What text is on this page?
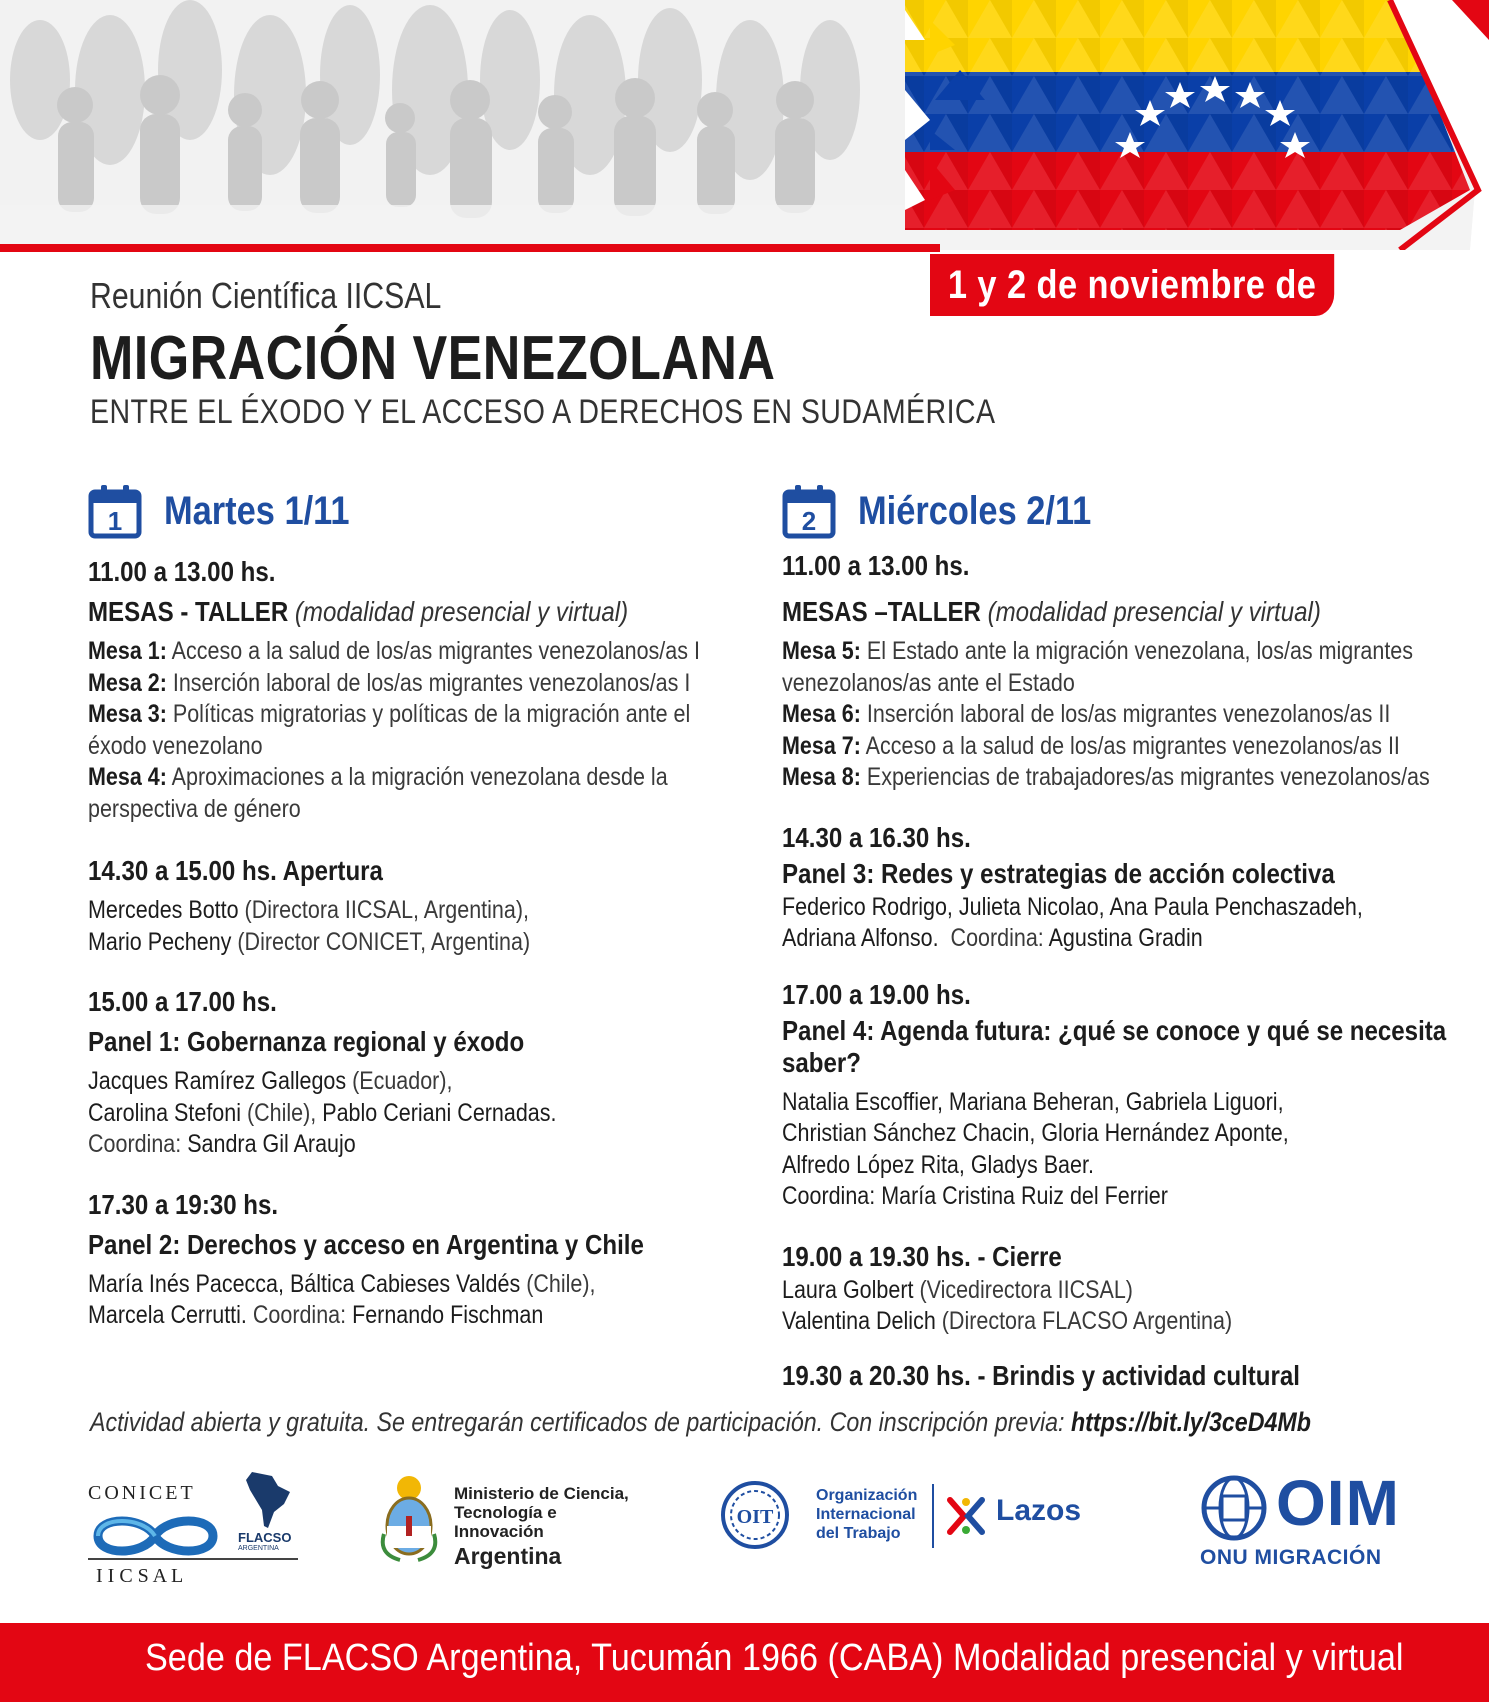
1 y 2 de noviembre de 2022
Reunión Científica IICSAL
MIGRACIÓN VENEZOLANA
ENTRE EL ÉXODO Y EL ACCESO A DERECHOS EN SUDAMÉRICA
1 Martes 1/11
11.00 a 13.00 hs.
MESAS - TALLER (modalidad presencial y virtual)
Mesa 1: Acceso a la salud de los/as migrantes venezolanos/as I
Mesa 2: Inserción laboral de los/as migrantes venezolanos/as I
Mesa 3: Políticas migratorias y políticas de la migración ante el
éxodo venezolano
Mesa 4: Aproximaciones a la migración venezolana desde la
perspectiva de género
14.30 a 15.00 hs. Apertura
Mercedes Botto (Directora IICSAL, Argentina),
Mario Pecheny (Director CONICET, Argentina)
15.00 a 17.00 hs.
Panel 1: Gobernanza regional y éxodo
Jacques Ramírez Gallegos (Ecuador),
Carolina Stefoni (Chile), Pablo Ceriani Cernadas.
Coordina: Sandra Gil Araujo
17.30 a 19:30 hs.
Panel 2: Derechos y acceso en Argentina y Chile
María Inés Pacecca, Báltica Cabieses Valdés (Chile),
Marcela Cerrutti. Coordina: Fernando Fischman
2 Miércoles 2/11
11.00 a 13.00 hs.
MESAS –TALLER (modalidad presencial y virtual)
Mesa 5: El Estado ante la migración venezolana, los/as migrantes
venezolanos/as ante el Estado
Mesa 6: Inserción laboral de los/as migrantes venezolanos/as II
Mesa 7: Acceso a la salud de los/as migrantes venezolanos/as II
Mesa 8: Experiencias de trabajadores/as migrantes venezolanos/as
14.30 a 16.30 hs.
Panel 3: Redes y estrategias de acción colectiva
Federico Rodrigo, Julieta Nicolao, Ana Paula Penchaszadeh,
Adriana Alfonso. Coordina: Agustina Gradin
17.00 a 19.00 hs.
Panel 4: Agenda futura: ¿qué se conoce y qué se necesita saber?
Natalia Escoffier, Mariana Beheran, Gabriela Liguori,
Christian Sánchez Chacin, Gloria Hernández Aponte,
Alfredo López Rita, Gladys Baer.
Coordina: María Cristina Ruiz del Ferrier
19.00 a 19.30 hs. - Cierre
Laura Golbert (Vicedirectora IICSAL)
Valentina Delich (Directora FLACSO Argentina)
19.30 a 20.30 hs. - Brindis y actividad cultural
Actividad abierta y gratuita. Se entregarán certificados de participación. Con inscripción previa: https://bit.ly/3ceD4Mb
CONICET
FLACSO
ARGENTINA
I I C S A L
Ministerio de Ciencia,
Tecnología e Innovación
Argentina
OIT
Organización
Internacional
del Trabajo
Lazos	OIM
ONU MIGRACIÓN
Sede de FLACSO Argentina, Tucumán 1966 (CABA) Modalidad presencial y virtual
